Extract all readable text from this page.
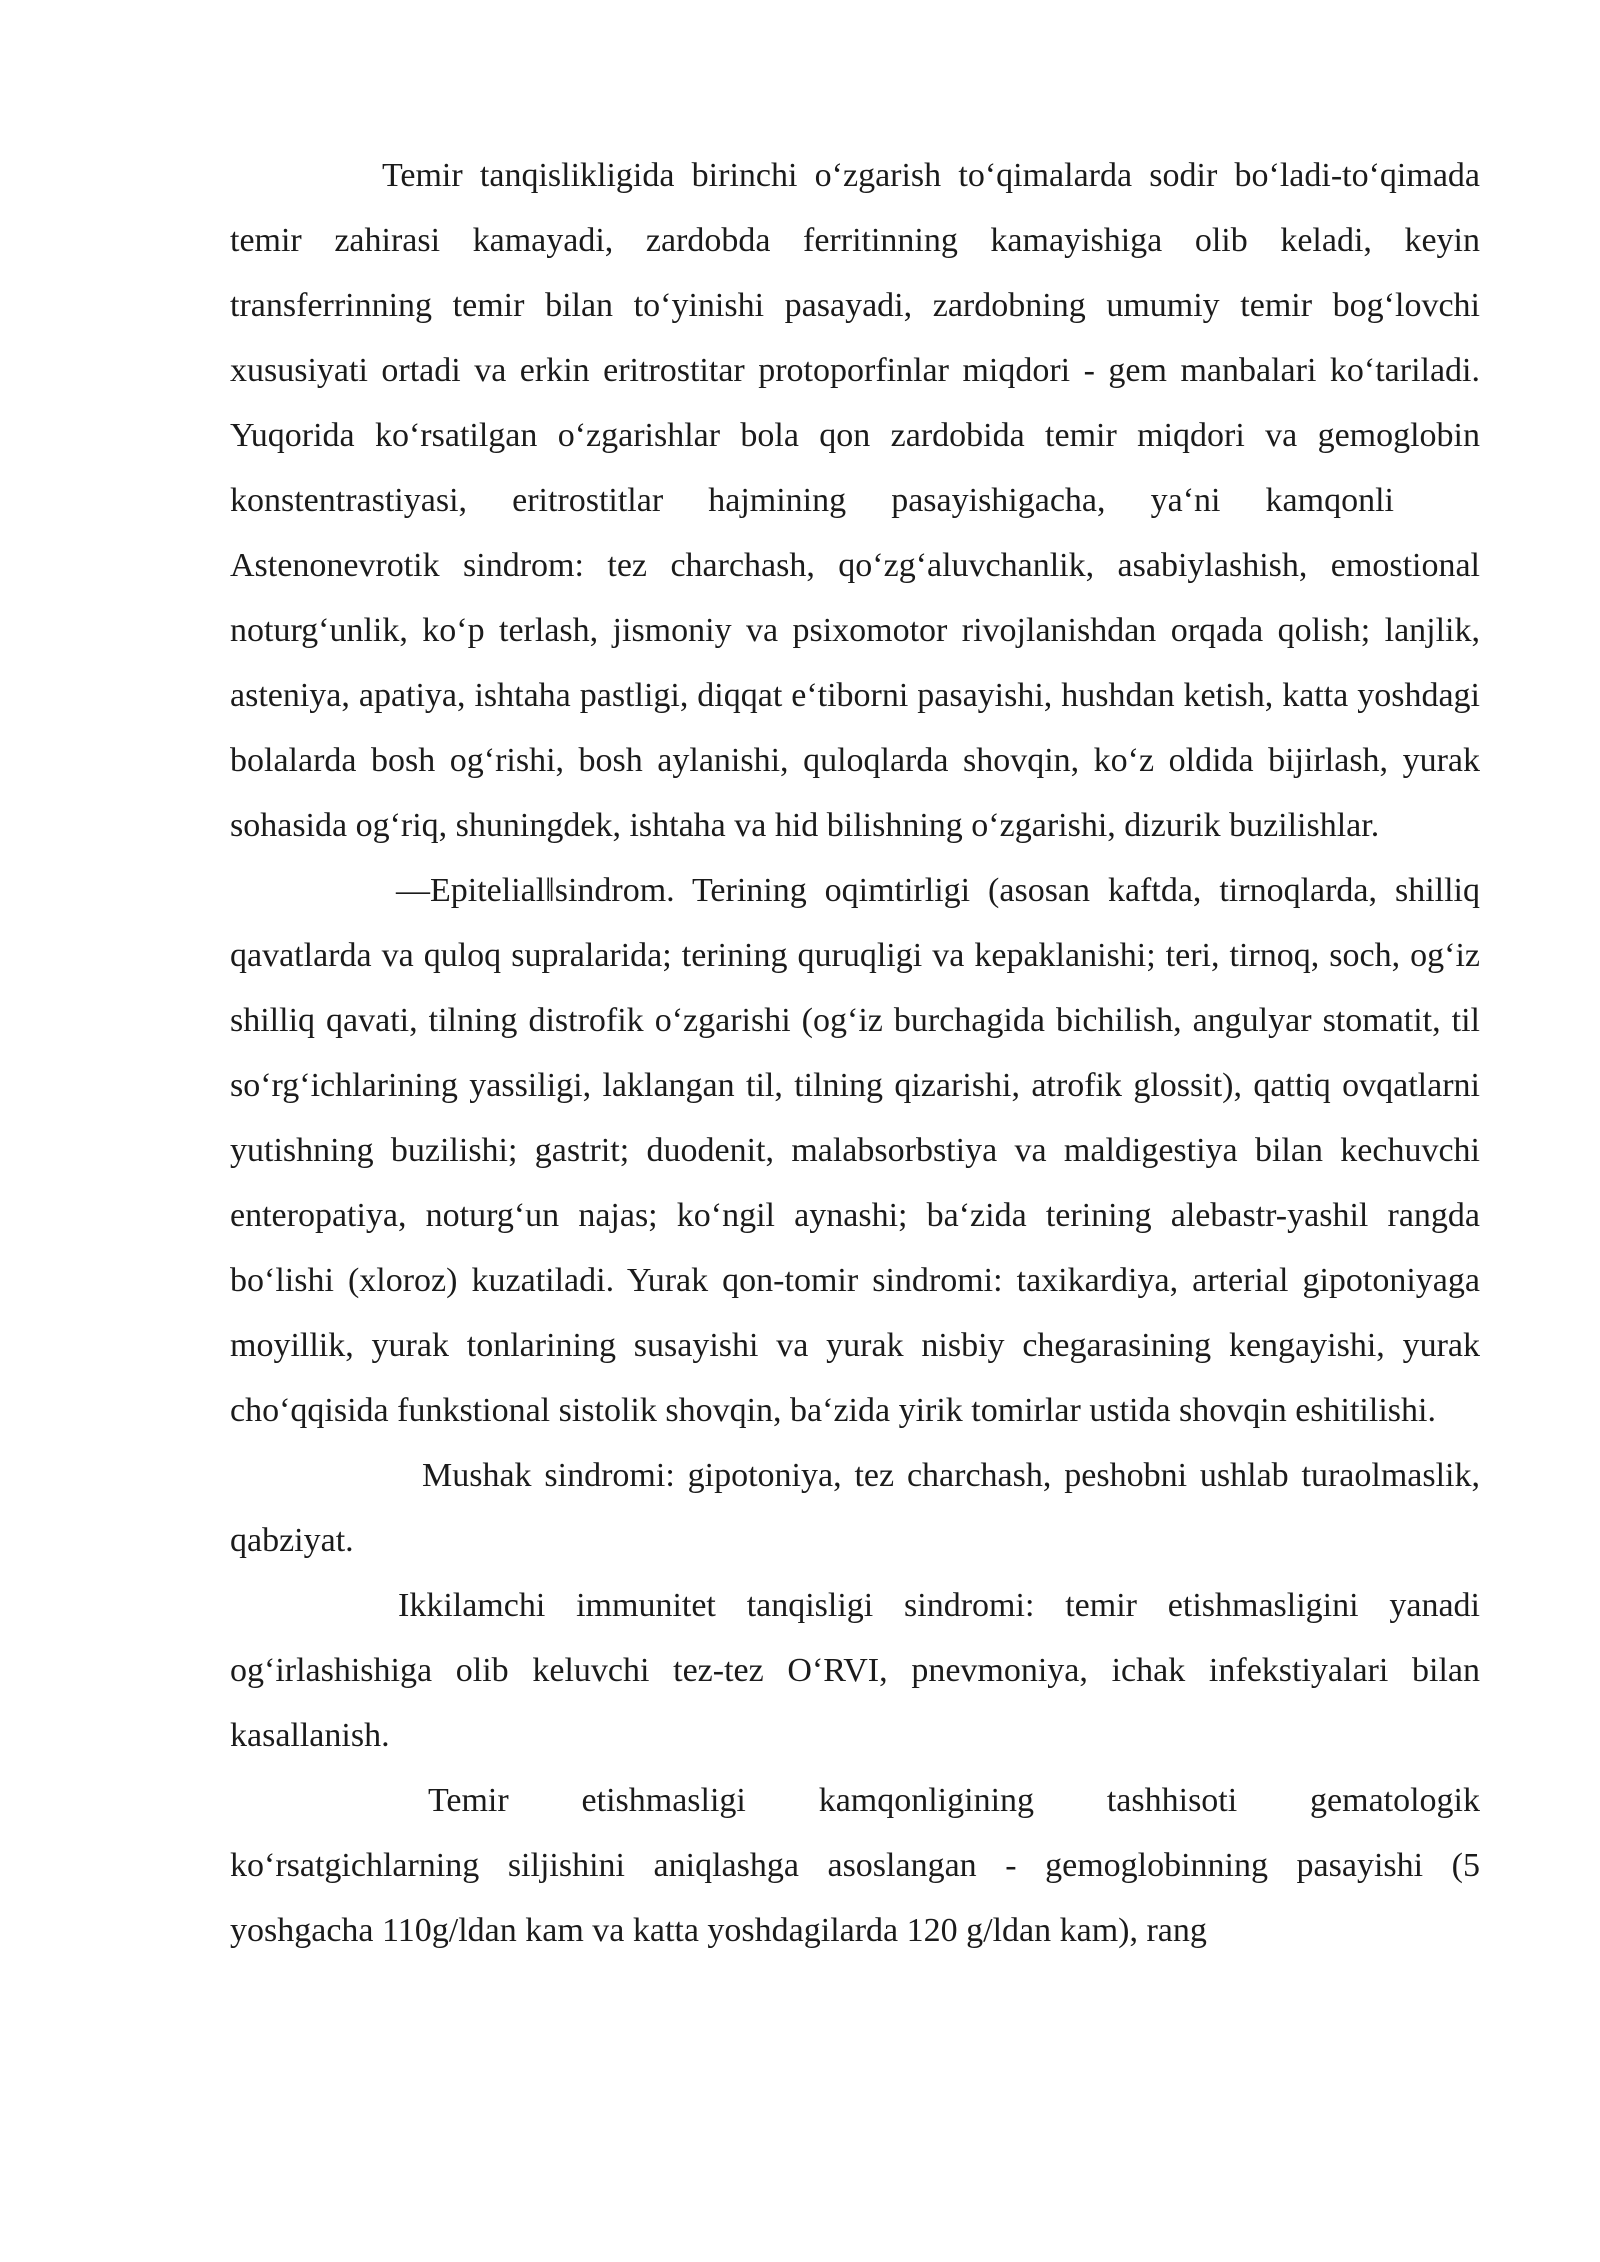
Temir tanqislikligida birinchi o‘zgarish to‘qimalarda sodir bo‘ladi-to‘qimada temir zahirasi kamayadi, zardobda ferritinning kamayishiga olib keladi, keyin transferrinning temir bilan to‘yinishi pasayadi, zardobning umumiy temir bog‘lovchi xususiyati ortadi va erkin eritrostitar protoporfinlar miqdori - gem manbalari ko‘tariladi. Yuqorida ko‘rsatilgan o‘zgarishlar bola qon zardobida temir miqdori va gemoglobin konstentrastiyasi, eritrostitlar hajmining pasayishigacha, ya‘ni kamqonliAstenonevrotik sindrom: tez charchash, qo‘zg‘aluvchanlik, asabiylashish, emostional noturg‘unlik, ko‘p terlash, jismoniy va psixomotor rivojlanishdan orqada qolish; lanjlik, asteniya, apatiya, ishtaha pastligi, diqqat e‘tiborni pasayishi, hushdan ketish, katta yoshdagi bolalarda bosh og‘rishi, bosh aylanishi, quloqlarda shovqin, ko‘z oldida bijirlash, yurak sohasida og‘riq, shuningdek, ishtaha va hid bilishning o‘zgarishi, dizurik buzilishlar.

―Epitelial‖sindrom. Terining oqimtirligi (asosan kaftda, tirnoqlarda, shilliq qavatlarda va quloq supralarida; terining quruqligi va kepaklanishi; teri, tirnoq, soch, og‘iz shilliq qavati, tilning distrofik o‘zgarishi (og‘iz burchagida bichilish, angulyar stomatit, til so‘rg‘ichlarining yassiligi, laklangan til, tilning qizarishi, atrofik glossit), qattiq ovqatlarni yutishning buzilishi; gastrit; duodenit, malabsorbstiya va maldigestiya bilan kechuvchi enteropatiya, noturg‘un najas; ko‘ngil aynashi; ba‘zida terining alebastr-yashil rangda bo‘lishi (xloroz) kuzatiladi. Yurak qon-tomir sindromi: taxikardiya, arterial gipotoniyaga moyillik, yurak tonlarining susayishi va yurak nisbiy chegarasining kengayishi, yurak cho‘qqisida funkstional sistolik shovqin, ba‘zida yirik tomirlar ustida shovqin eshitilishi.

Mushak sindromi: gipotoniya, tez charchash, peshobni ushlab turaolmaslik, qabziyat.

Ikkilamchi immunitet tanqisligi sindromi: temir etishmasligini yanadi og‘irlashishiga olib keluvchi tez-tez O‘RVI, pnevmoniya, ichak infekstiyalari bilan kasallanish.

Temir etishmasligi kamqonligining tashhisoti gematologik ko‘rsatgichlarning siljishini aniqlashga asoslangan - gemoglobinning pasayishi (5 yoshgacha 110g/ldan kam va katta yoshdagilarda 120 g/ldan kam), rang
